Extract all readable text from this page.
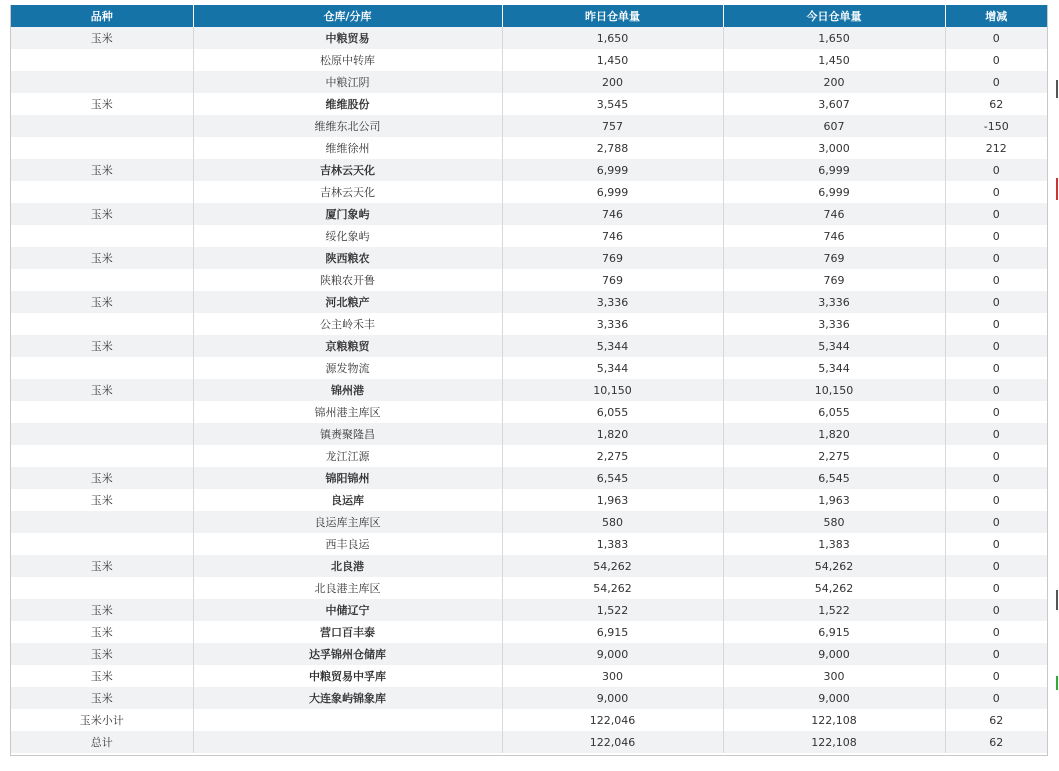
品种	仓库/分库	昨日仓单量	今日仓单量	增减
玉米	中粮贸易	1,650	1,650	0
	松原中转库	1,450	1,450	0
	中粮江阴	200	200	0
玉米	维维股份	3,545	3,607	62
	维维东北公司	757	607	-150
	维维徐州	2,788	3,000	212
玉米	吉林云天化	6,999	6,999	0
	吉林云天化	6,999	6,999	0
玉米	厦门象屿	746	746	0
	绥化象屿	746	746	0
玉米	陕西粮农	769	769	0
	陕粮农开鲁	769	769	0
玉米	河北粮产	3,336	3,336	0
	公主岭禾丰	3,336	3,336	0
玉米	京粮粮贸	5,344	5,344	0
	源发物流	5,344	5,344	0
玉米	锦州港	10,150	10,150	0
	锦州港主库区	6,055	6,055	0
	镇赉聚隆昌	1,820	1,820	0
	龙江江源	2,275	2,275	0
玉米	锦阳锦州	6,545	6,545	0
玉米	良运库	1,963	1,963	0
	良运库主库区	580	580	0
	西丰良运	1,383	1,383	0
玉米	北良港	54,262	54,262	0
	北良港主库区	54,262	54,262	0
玉米	中储辽宁	1,522	1,522	0
玉米	营口百丰泰	6,915	6,915	0
玉米	达孚锦州仓储库	9,000	9,000	0
玉米	中粮贸易中孚库	300	300	0
玉米	大连象屿锦象库	9,000	9,000	0
玉米小计		122,046	122,108	62
总计		122,046	122,108	62
